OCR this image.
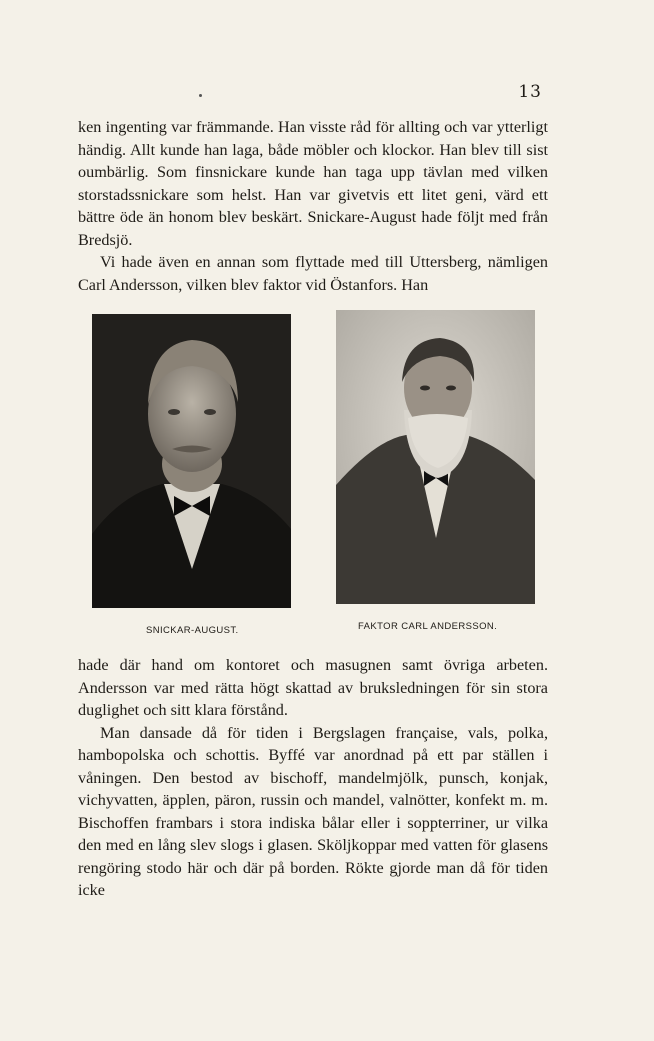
13

ken ingenting var främmande. Han visste råd för allting och var ytterligt händig. Allt kunde han laga, både möbler och klockor. Han blev till sist oumbärlig. Som finsnickare kunde han taga upp tävlan med vilken storstadssnickare som helst. Han var givetvis ett litet geni, värd ett bättre öde än honom blev beskärt. Snickare-August hade följt med från Bredsjö.

Vi hade även en annan som flyttade med till Uttersberg, nämligen Carl Andersson, vilken blev faktor vid Östanfors. Han

SNICKAR-AUGUST.	FAKTOR CARL ANDERSSON.

hade där hand om kontoret och masugnen samt övriga arbeten. Andersson var med rätta högt skattad av bruksledningen för sin stora duglighet och sitt klara förstånd.

Man dansade då för tiden i Bergslagen française, vals, polka, hambopolska och schottis. Byffé var anordnad på ett par ställen i våningen. Den bestod av bischoff, mandelmjölk, punsch, konjak, vichyvatten, äpplen, päron, russin och mandel, valnötter, konfekt m. m. Bischoffen frambars i stora indiska bålar eller i soppterriner, ur vilka den med en lång slev slogs i glasen. Sköljkoppar med vatten för glasens rengöring stodo här och där på borden. Rökte gjorde man då för tiden icke
